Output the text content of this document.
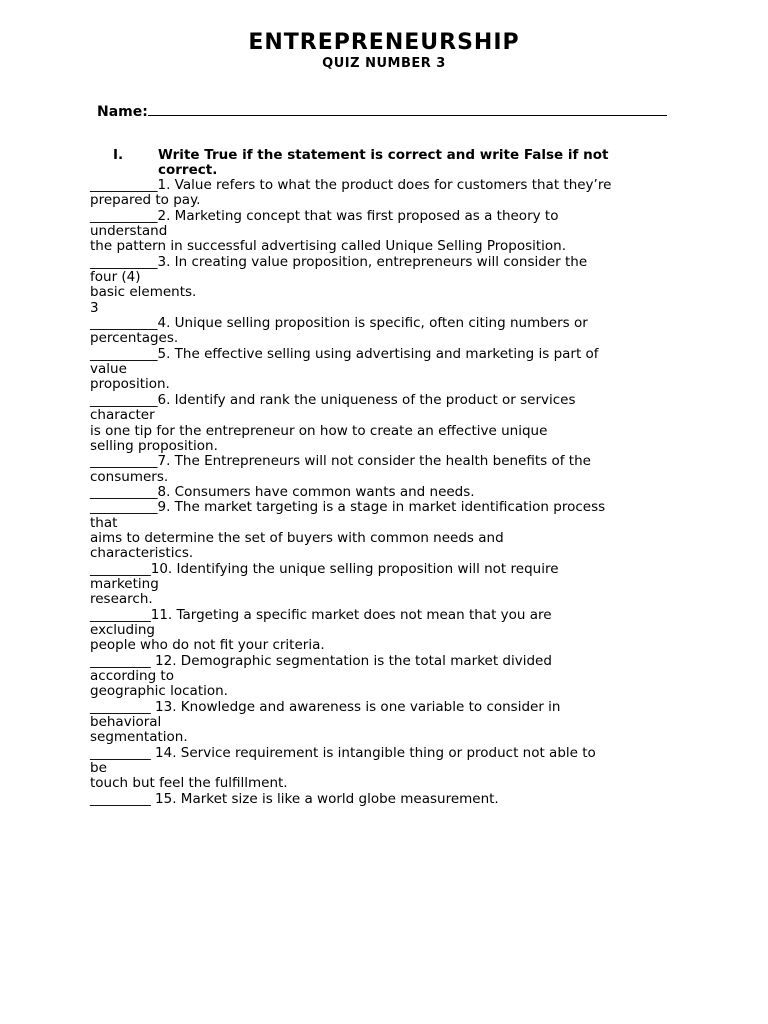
ENTREPRENEURSHIP
QUIZ NUMBER 3
Name:
I.	Write True if the statement is correct and write False if not
correct.
__________1. Value refers to what the product does for customers that they’re
prepared to pay.
__________2. Marketing concept that was first proposed as a theory to
understand
the pattern in successful advertising called Unique Selling Proposition.
__________3. In creating value proposition, entrepreneurs will consider the
four (4)
basic elements.
3
__________4. Unique selling proposition is specific, often citing numbers or
percentages.
__________5. The effective selling using advertising and marketing is part of
value
proposition.
__________6. Identify and rank the uniqueness of the product or services
character
is one tip for the entrepreneur on how to create an effective unique
selling proposition.
__________7. The Entrepreneurs will not consider the health benefits of the
consumers.
__________8. Consumers have common wants and needs.
__________9. The market targeting is a stage in market identification process
that
aims to determine the set of buyers with common needs and
characteristics.
_________10. Identifying the unique selling proposition will not require
marketing
research.
_________11. Targeting a specific market does not mean that you are
excluding
people who do not fit your criteria.
_________ 12. Demographic segmentation is the total market divided
according to
geographic location.
_________ 13. Knowledge and awareness is one variable to consider in
behavioral
segmentation.
_________ 14. Service requirement is intangible thing or product not able to
be
touch but feel the fulfillment.
_________ 15. Market size is like a world globe measurement.
